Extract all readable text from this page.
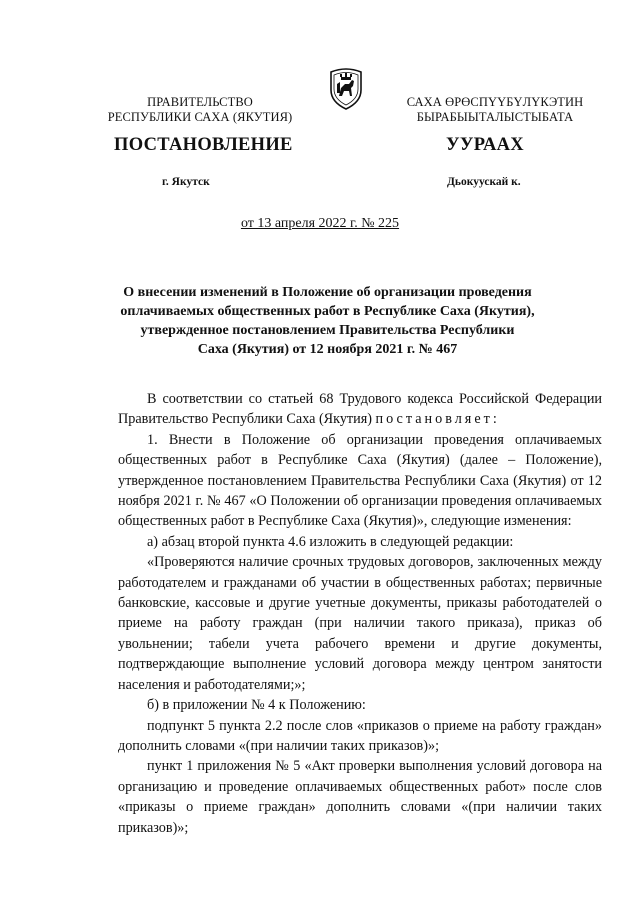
ПРАВИТЕЛЬСТВО
РЕСПУБЛИКИ САХА (ЯКУТИЯ)
САХА ӨРӨСПҮҮБҮЛҮКЭТИН
БЫРАБЫЫТАЛЫСТЫБАТА
ПОСТАНОВЛЕНИЕ	УУРААХ
г. Якутск	Дьокуускай к.
от 13 апреля 2022 г. № 225
О внесении изменений в Положение об организации проведения
оплачиваемых общественных работ в Республике Саха (Якутия),
утвержденное постановлением Правительства Республики
Саха (Якутия) от 12 ноября 2021 г. № 467

В соответствии со статьей 68 Трудового кодекса Российской Федерации Правительство Республики Саха (Якутия) постановляет:

1. Внести в Положение об организации проведения оплачиваемых общественных работ в Республике Саха (Якутия) (далее – Положение), утвержденное постановлением Правительства Республики Саха (Якутия) от 12 ноября 2021 г. № 467 «О Положении об организации проведения оплачиваемых общественных работ в Республике Саха (Якутия)», следующие изменения:

а) абзац второй пункта 4.6 изложить в следующей редакции:

«Проверяются наличие срочных трудовых договоров, заключенных между работодателем и гражданами об участии в общественных работах; первичные банковские, кассовые и другие учетные документы, приказы работодателей о приеме на работу граждан (при наличии такого приказа), приказ об увольнении; табели учета рабочего времени и другие документы, подтверждающие выполнение условий договора между центром занятости населения и работодателями;»;

б) в приложении № 4 к Положению:

подпункт 5 пункта 2.2 после слов «приказов о приеме на работу граждан» дополнить словами «(при наличии таких приказов)»;

пункт 1 приложения № 5 «Акт проверки выполнения условий договора на организацию и проведение оплачиваемых общественных работ» после слов «приказы о приеме граждан» дополнить словами «(при наличии таких приказов)»;
